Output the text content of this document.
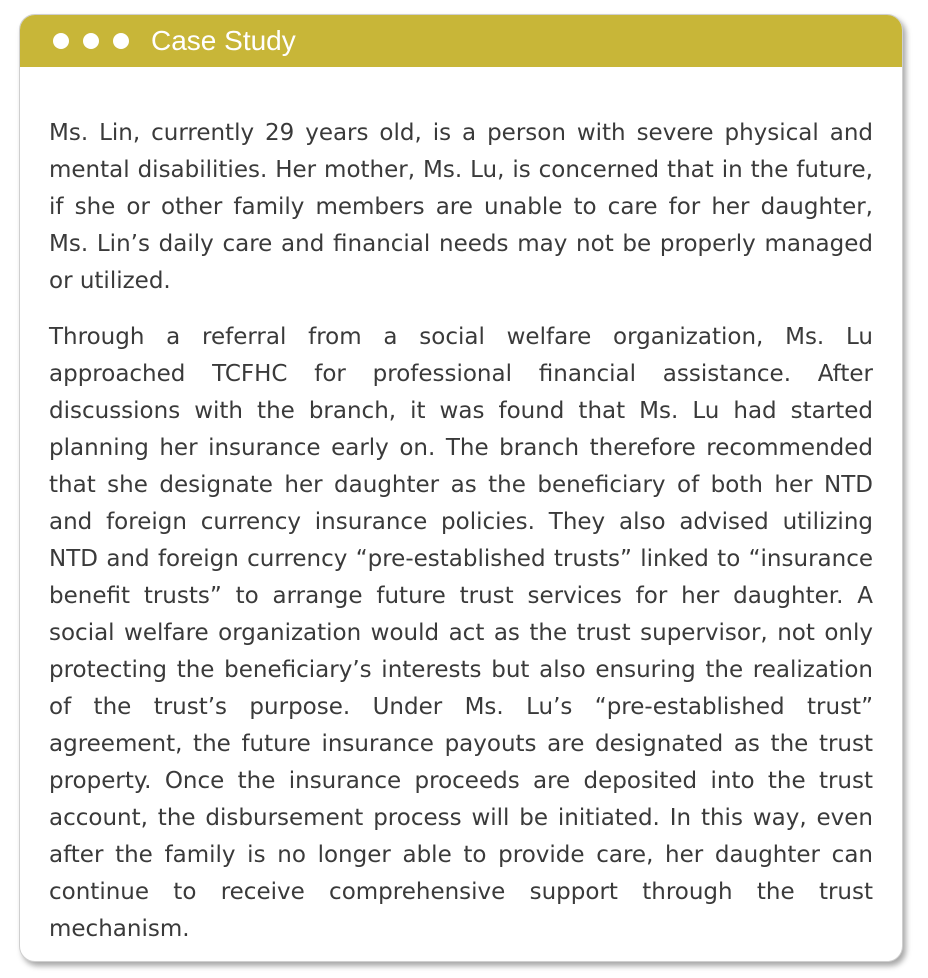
Case Study

Ms. Lin, currently 29 years old, is a person with severe physical and mental disabilities. Her mother, Ms. Lu, is concerned that in the future, if she or other family members are unable to care for her daughter, Ms. Lin’s daily care and financial needs may not be properly managed or utilized.

Through a referral from a social welfare organization, Ms. Lu approached TCFHC for professional financial assistance. After discussions with the branch, it was found that Ms. Lu had started planning her insurance early on. The branch therefore recommended that she designate her daughter as the beneficiary of both her NTD and foreign currency insurance policies. They also advised utilizing NTD and foreign currency “pre-established trusts” linked to “insurance benefit trusts” to arrange future trust services for her daughter. A social welfare organization would act as the trust supervisor, not only protecting the beneficiary’s interests but also ensuring the realization of the trust’s purpose. Under Ms. Lu’s “pre-established trust” agreement, the future insurance payouts are designated as the trust property. Once the insurance proceeds are deposited into the trust account, the disbursement process will be initiated. In this way, even after the family is no longer able to provide care, her daughter can continue to receive comprehensive support through the trust mechanism.
